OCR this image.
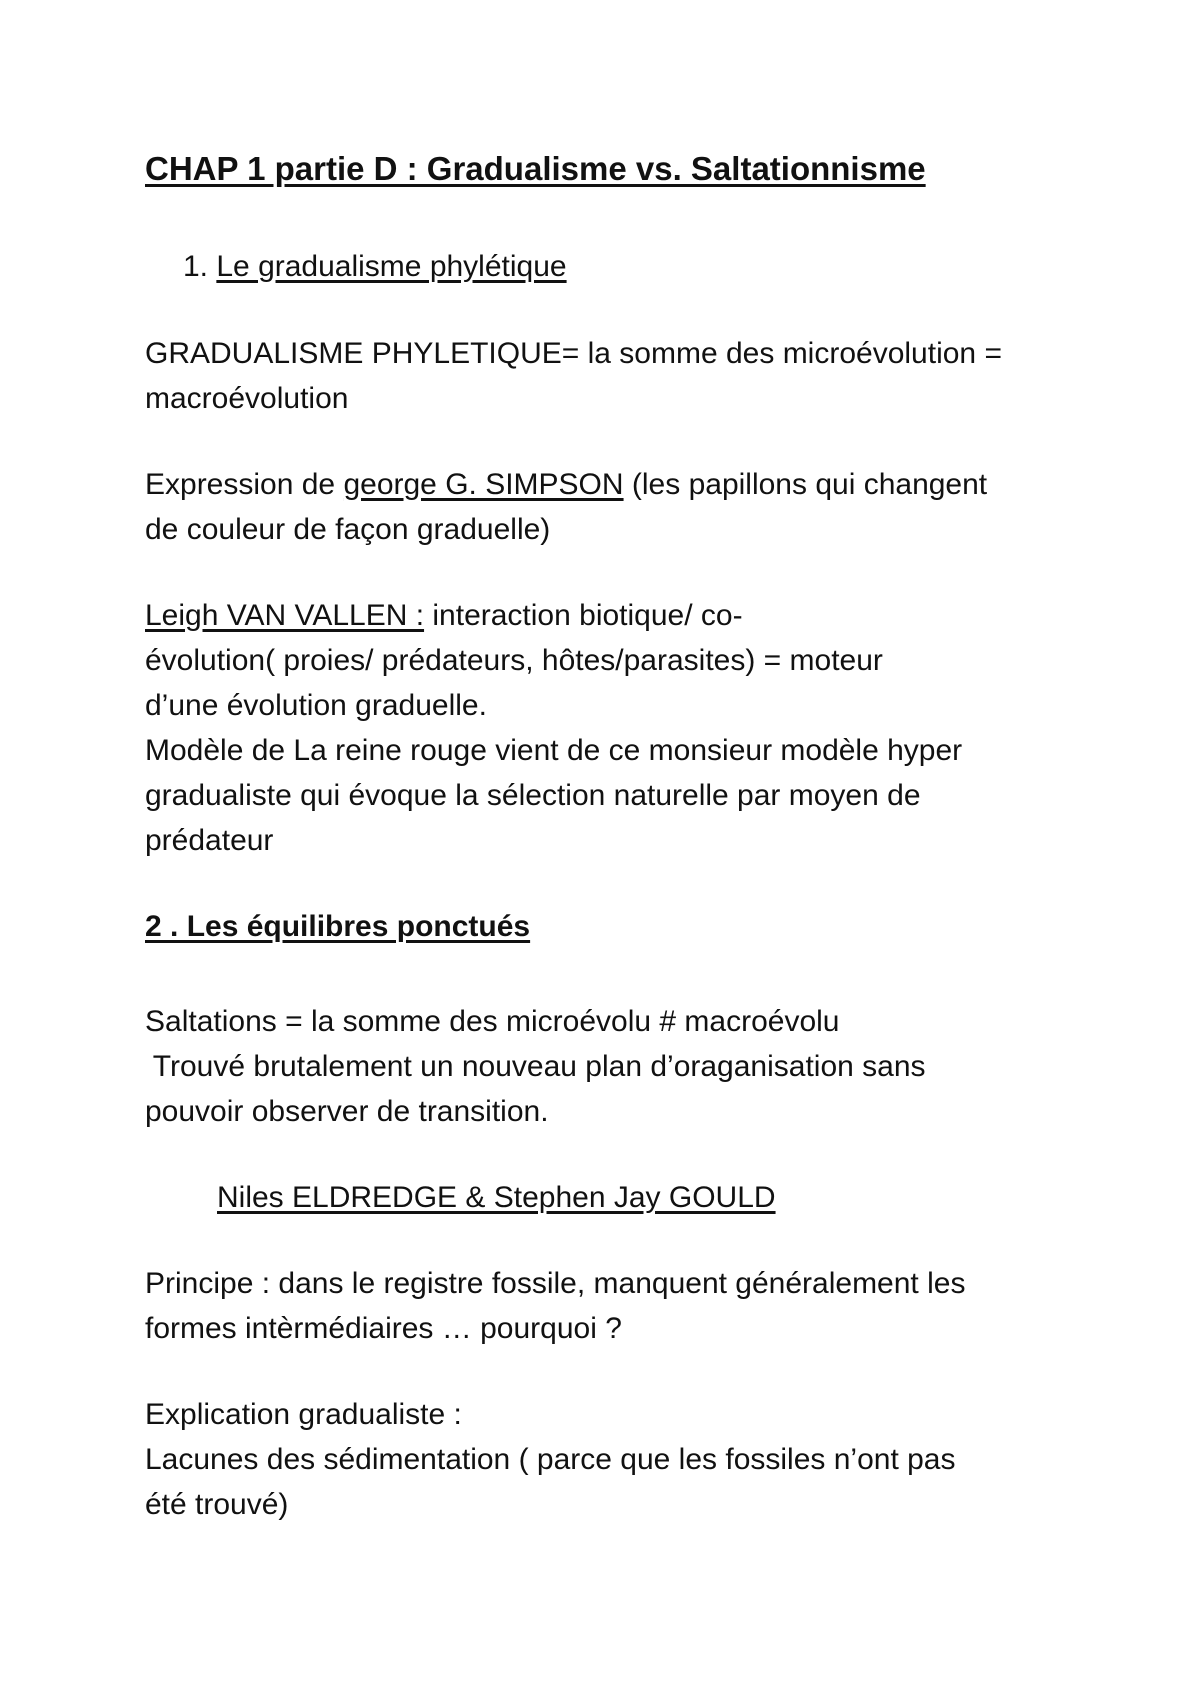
CHAP 1 partie D : Gradualisme vs. Saltationnisme

1. Le gradualisme phylétique

GRADUALISME PHYLETIQUE= la somme des microévolution =

macroévolution

Expression de george G. SIMPSON (les papillons qui changent

de couleur de façon graduelle)

Leigh VAN VALLEN : interaction biotique/ co-

évolution( proies/ prédateurs, hôtes/parasites) = moteur

d’une évolution graduelle.

Modèle de La reine rouge vient de ce monsieur modèle hyper

gradualiste qui évoque la sélection naturelle par moyen de

prédateur

2 . Les équilibres ponctués

Saltations = la somme des microévolu # macroévolu

Trouvé brutalement un nouveau plan d’oraganisation sans

pouvoir observer de transition.

Niles ELDREDGE & Stephen Jay GOULD

Principe : dans le registre fossile, manquent généralement les

formes intèrmédiaires … pourquoi ?

Explication gradualiste :

Lacunes des sédimentation ( parce que les fossiles n’ont pas

été trouvé)
